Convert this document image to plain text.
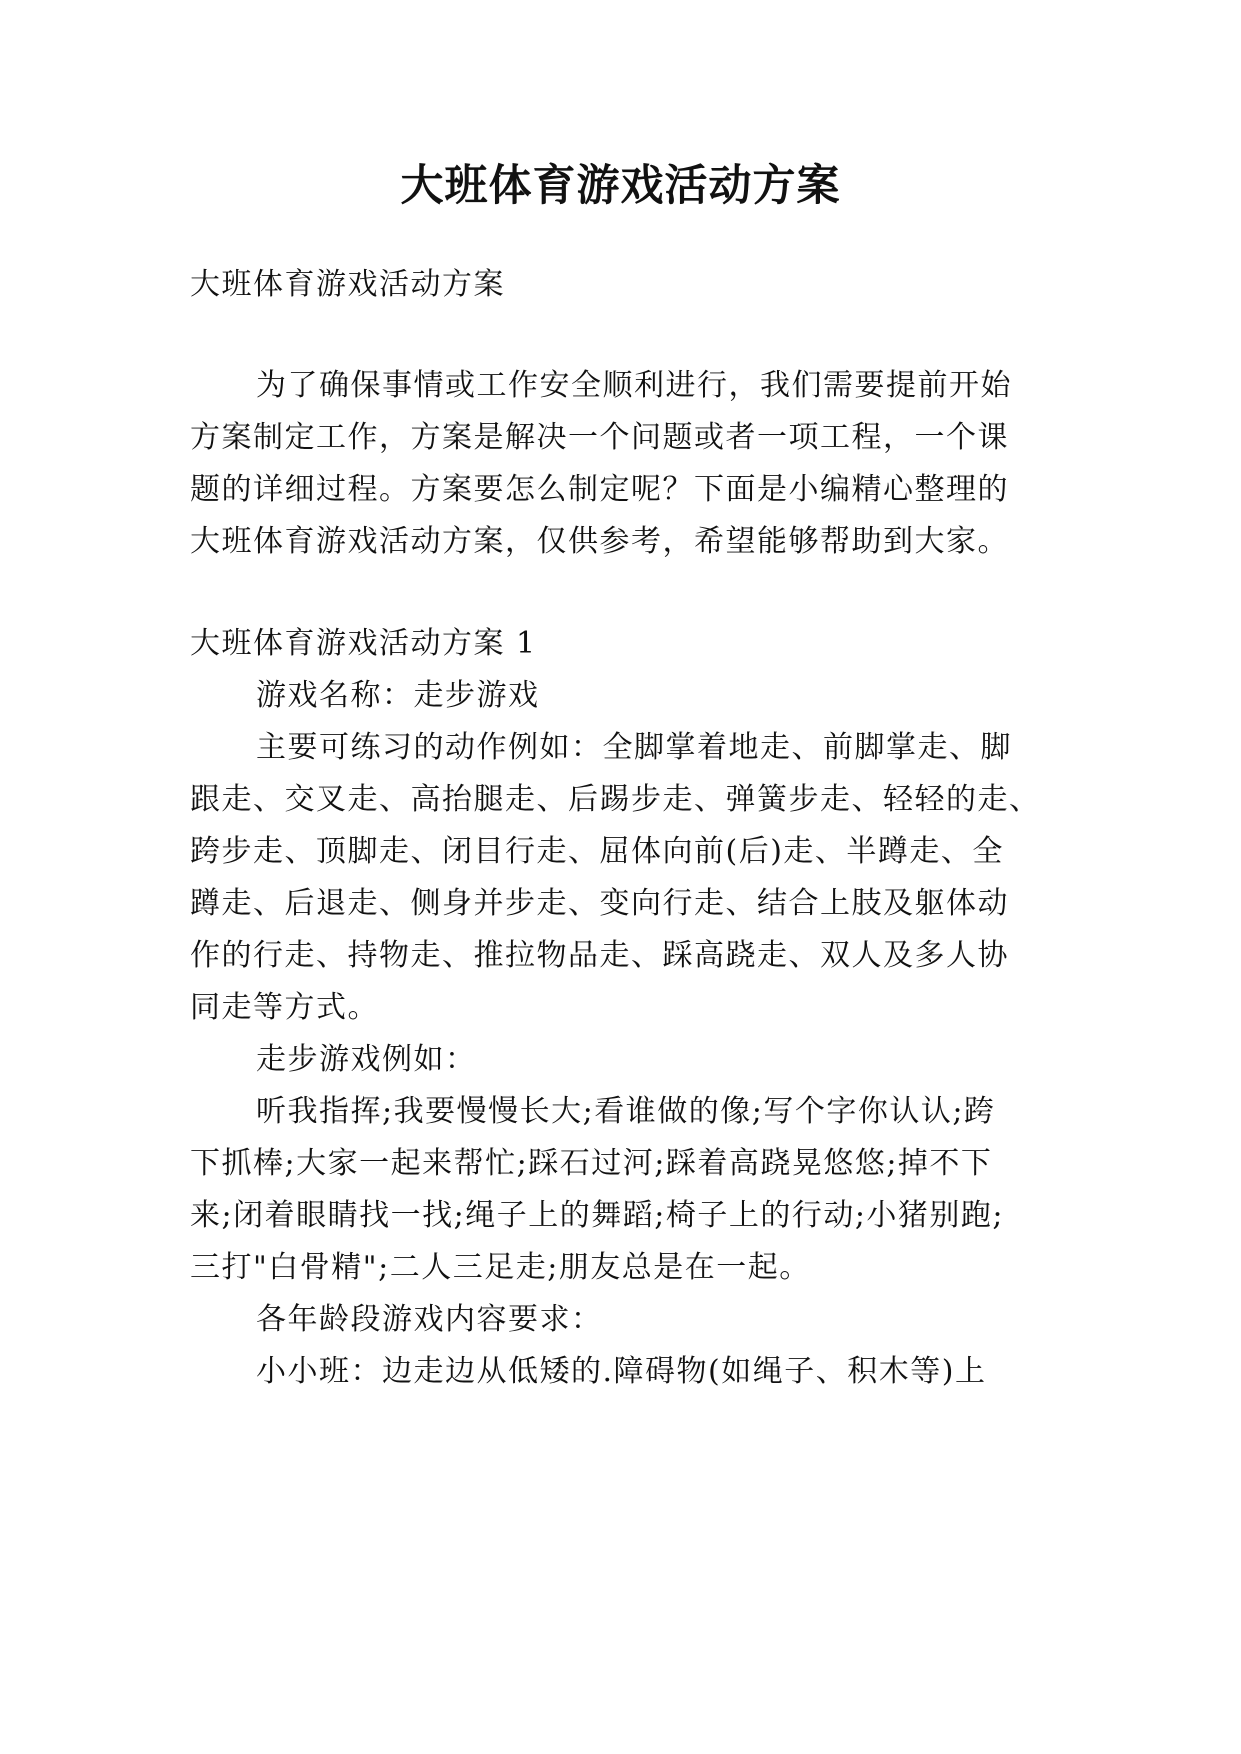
大班体育游戏活动方案
大班体育游戏活动方案
为了确保事情或工作安全顺利进行，我们需要提前开始
方案制定工作，方案是解决一个问题或者一项工程，一个课
题的详细过程。方案要怎么制定呢？下面是小编精心整理的
大班体育游戏活动方案，仅供参考，希望能够帮助到大家。
大班体育游戏活动方案 1
游戏名称：走步游戏
主要可练习的动作例如：全脚掌着地走、前脚掌走、脚
跟走、交叉走、高抬腿走、后踢步走、弹簧步走、轻轻的走、
跨步走、顶脚走、闭目行走、屈体向前(后)走、半蹲走、全
蹲走、后退走、侧身并步走、变向行走、结合上肢及躯体动
作的行走、持物走、推拉物品走、踩高跷走、双人及多人协
同走等方式。
走步游戏例如：
听我指挥;我要慢慢长大;看谁做的像;写个字你认认;跨
下抓棒;大家一起来帮忙;踩石过河;踩着高跷晃悠悠;掉不下
来;闭着眼睛找一找;绳子上的舞蹈;椅子上的行动;小猪别跑;
三打"白骨精";二人三足走;朋友总是在一起。
各年龄段游戏内容要求：
小小班：边走边从低矮的.障碍物(如绳子、积木等)上
